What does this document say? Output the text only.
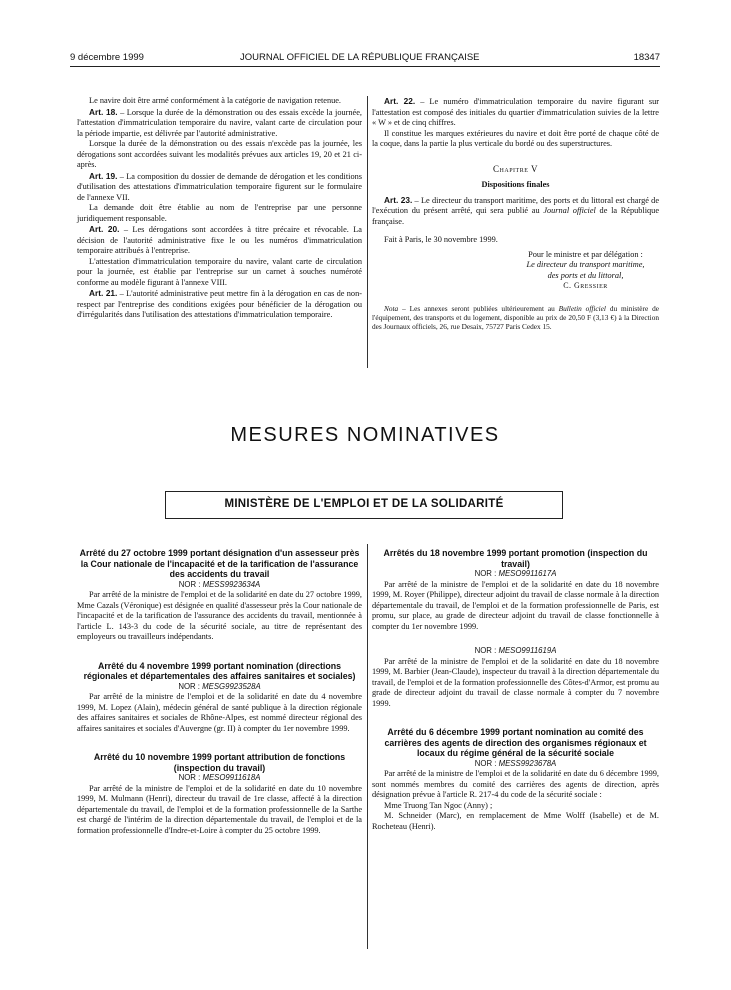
9 décembre 1999	JOURNAL OFFICIEL DE LA RÉPUBLIQUE FRANÇAISE	18347

Le navire doit être armé conformément à la catégorie de navigation retenue.

Art. 18. – Lorsque la durée de la démonstration ou des essais excède la journée, l'attestation d'immatriculation temporaire du navire, valant carte de circulation pour la période impartie, est délivrée par l'autorité administrative.

Lorsque la durée de la démonstration ou des essais n'excède pas la journée, les dérogations sont accordées suivant les modalités prévues aux articles 19, 20 et 21 ci-après.

Art. 19. – La composition du dossier de demande de dérogation et les conditions d'utilisation des attestations d'immatriculation temporaire figurent sur le formulaire de l'annexe VII.

La demande doit être établie au nom de l'entreprise par une personne juridiquement responsable.

Art. 20. – Les dérogations sont accordées à titre précaire et révocable. La décision de l'autorité administrative fixe le ou les numéros d'immatriculation temporaire attribués à l'entreprise.

L'attestation d'immatriculation temporaire du navire, valant carte de circulation pour la journée, est établie par l'entreprise sur un carnet à souches numéroté conforme au modèle figurant à l'annexe VIII.

Art. 21. – L'autorité administrative peut mettre fin à la dérogation en cas de non-respect par l'entreprise des conditions exigées pour bénéficier de la dérogation ou d'irrégularités dans l'utilisation des attestations d'immatriculation temporaire.

Art. 22. – Le numéro d'immatriculation temporaire du navire figurant sur l'attestation est composé des initiales du quartier d'immatriculation suivies de la lettre « W » et de cinq chiffres.

Il constitue les marques extérieures du navire et doit être porté de chaque côté de la coque, dans la partie la plus verticale du bordé ou des superstructures.

Chapitre V

Dispositions finales

Art. 23. – Le directeur du transport maritime, des ports et du littoral est chargé de l'exécution du présent arrêté, qui sera publié au Journal officiel de la République française.

Fait à Paris, le 30 novembre 1999.

Pour le ministre et par délégation :

Le directeur du transport maritime,

des ports et du littoral,

C. Gressier

Nota – Les annexes seront publiées ultérieurement au Bulletin officiel du ministère de l'équipement, des transports et du logement, disponible au prix de 20,50 F (3,13 €) à la Direction des Journaux officiels, 26, rue Desaix, 75727 Paris Cedex 15.

MESURES NOMINATIVES
MINISTÈRE DE L'EMPLOI ET DE LA SOLIDARITÉ

Arrêté du 27 octobre 1999 portant désignation d'un assesseur près la Cour nationale de l'incapacité et de la tarification de l'assurance des accidents du travail

NOR : MESS9923634A

Par arrêté de la ministre de l'emploi et de la solidarité en date du 27 octobre 1999, Mme Cazals (Véronique) est désignée en qualité d'assesseur près la Cour nationale de l'incapacité et de la tarification de l'assurance des accidents du travail, mentionnée à l'article L. 143-3 du code de la sécurité sociale, au titre de représentant des employeurs ou travailleurs indépendants.

Arrêté du 4 novembre 1999 portant nomination (directions régionales et départementales des affaires sanitaires et sociales)

NOR : MESG9923528A

Par arrêté de la ministre de l'emploi et de la solidarité en date du 4 novembre 1999, M. Lopez (Alain), médecin général de santé publique à la direction régionale des affaires sanitaires et sociales de Rhône-Alpes, est nommé directeur régional des affaires sanitaires et sociales d'Auvergne (gr. II) à compter du 1er novembre 1999.

Arrêté du 10 novembre 1999 portant attribution de fonctions (inspection du travail)

NOR : MESO9911618A

Par arrêté de la ministre de l'emploi et de la solidarité en date du 10 novembre 1999, M. Mulmann (Henri), directeur du travail de 1re classe, affecté à la direction départementale du travail, de l'emploi et de la formation professionnelle de la Sarthe est chargé de l'intérim de la direction départementale du travail, de l'emploi et de la formation professionnelle d'Indre-et-Loire à compter du 25 octobre 1999.

Arrêtés du 18 novembre 1999 portant promotion (inspection du travail)

NOR : MESO9911617A

Par arrêté de la ministre de l'emploi et de la solidarité en date du 18 novembre 1999, M. Royer (Philippe), directeur adjoint du travail de classe normale à la direction départementale du travail, de l'emploi et de la formation professionnelle de Paris, est promu, sur place, au grade de directeur adjoint du travail de classe fonctionnelle à compter du 1er novembre 1999.

NOR : MESO9911619A

Par arrêté de la ministre de l'emploi et de la solidarité en date du 18 novembre 1999, M. Barbier (Jean-Claude), inspecteur du travail à la direction départementale du travail, de l'emploi et de la formation professionnelle des Côtes-d'Armor, est promu au grade de directeur adjoint du travail de classe normale à compter du 7 novembre 1999.

Arrêté du 6 décembre 1999 portant nomination au comité des carrières des agents de direction des organismes régionaux et locaux du régime général de la sécurité sociale

NOR : MESS9923678A

Par arrêté de la ministre de l'emploi et de la solidarité en date du 6 décembre 1999, sont nommés membres du comité des carrières des agents de direction, après désignation prévue à l'article R. 217-4 du code de la sécurité sociale :

Mme Truong Tan Ngoc (Anny) ;

M. Schneider (Marc), en remplacement de Mme Wolff (Isabelle) et de M. Rocheteau (Henri).
